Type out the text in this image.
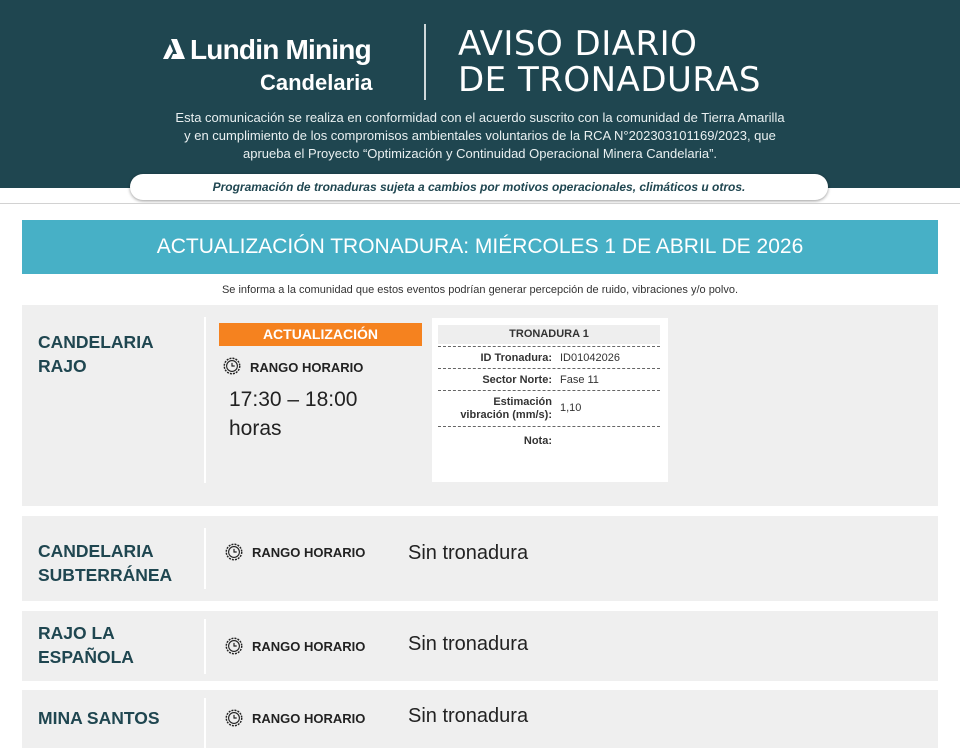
Lundin Mining
Candelaria
AVISO DIARIO
DE TRONADURAS
Esta comunicación se realiza en conformidad con el acuerdo suscrito con la comunidad de Tierra Amarilla
y en cumplimiento de los compromisos ambientales voluntarios de la RCA N°202303101169/2023, que
aprueba el Proyecto “Optimización y Continuidad Operacional Minera Candelaria”.
Programación de tronaduras sujeta a cambios por motivos operacionales, climáticos u otros.
ACTUALIZACIÓN TRONADURA: MIÉRCOLES 1 DE ABRIL DE 2026
Se informa a la comunidad que estos eventos podrían generar percepción de ruido, vibraciones y/o polvo.
CANDELARIA
RAJO
ACTUALIZACIÓN
RANGO HORARIO
17:30 – 18:00
horas
TRONADURA 1
ID Tronadura: ID01042026
Sector Norte: Fase 11
Estimación
vibración (mm/s):
1,10
Nota:
CANDELARIA
SUBTERRÁNEA
RANGO HORARIO Sin tronadura
RAJO LA
ESPAÑOLA
RANGO HORARIO Sin tronadura
MINA SANTOS	RANGO HORARIO Sin tronadura
